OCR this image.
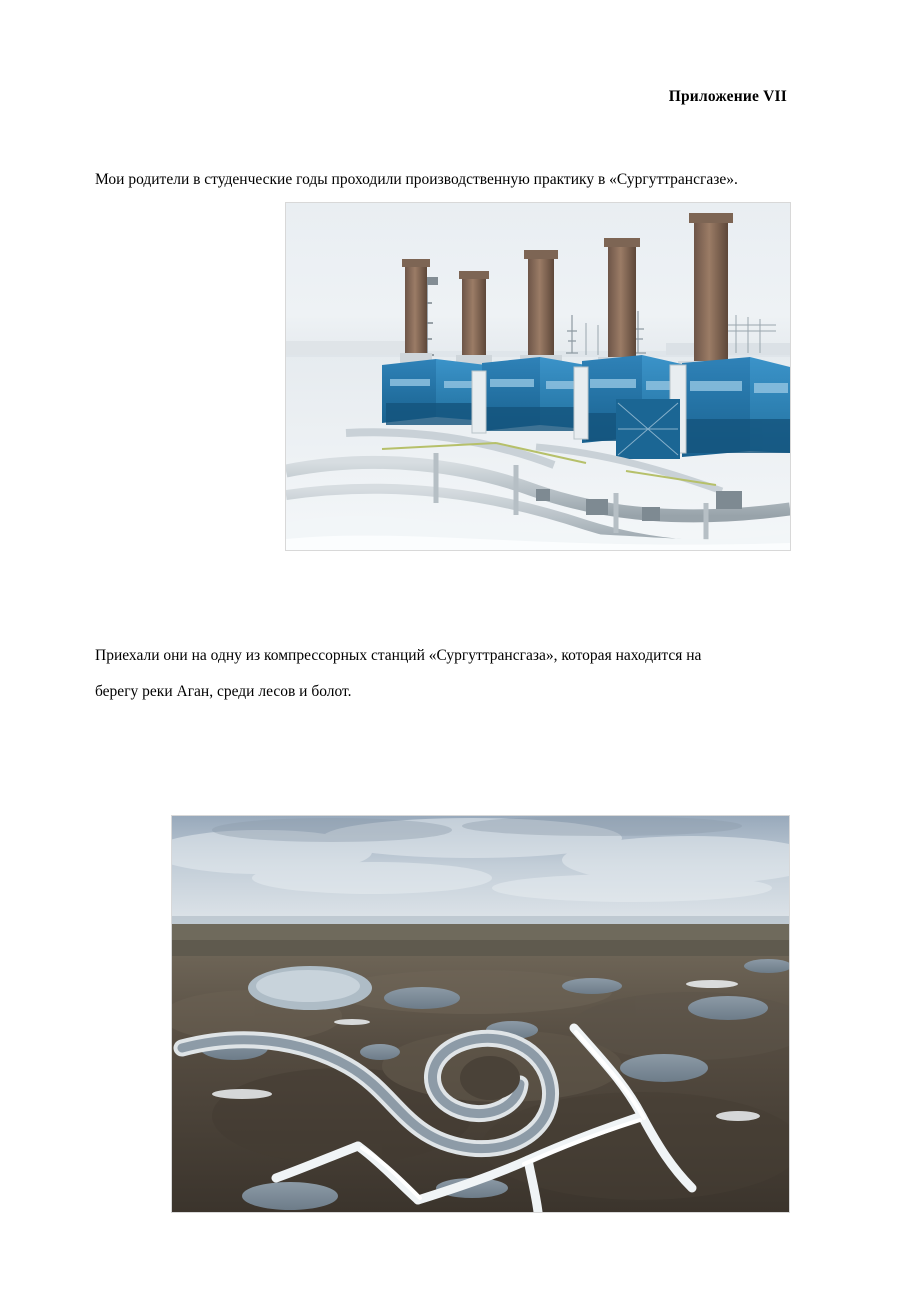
Приложение VII

Мои родители в студенческие годы проходили производственную практику в «Сургуттрансгазе».

Приехали они на одну из компрессорных станций «Сургуттрансгаза», которая находится на берегу реки Аган, среди лесов и болот.
